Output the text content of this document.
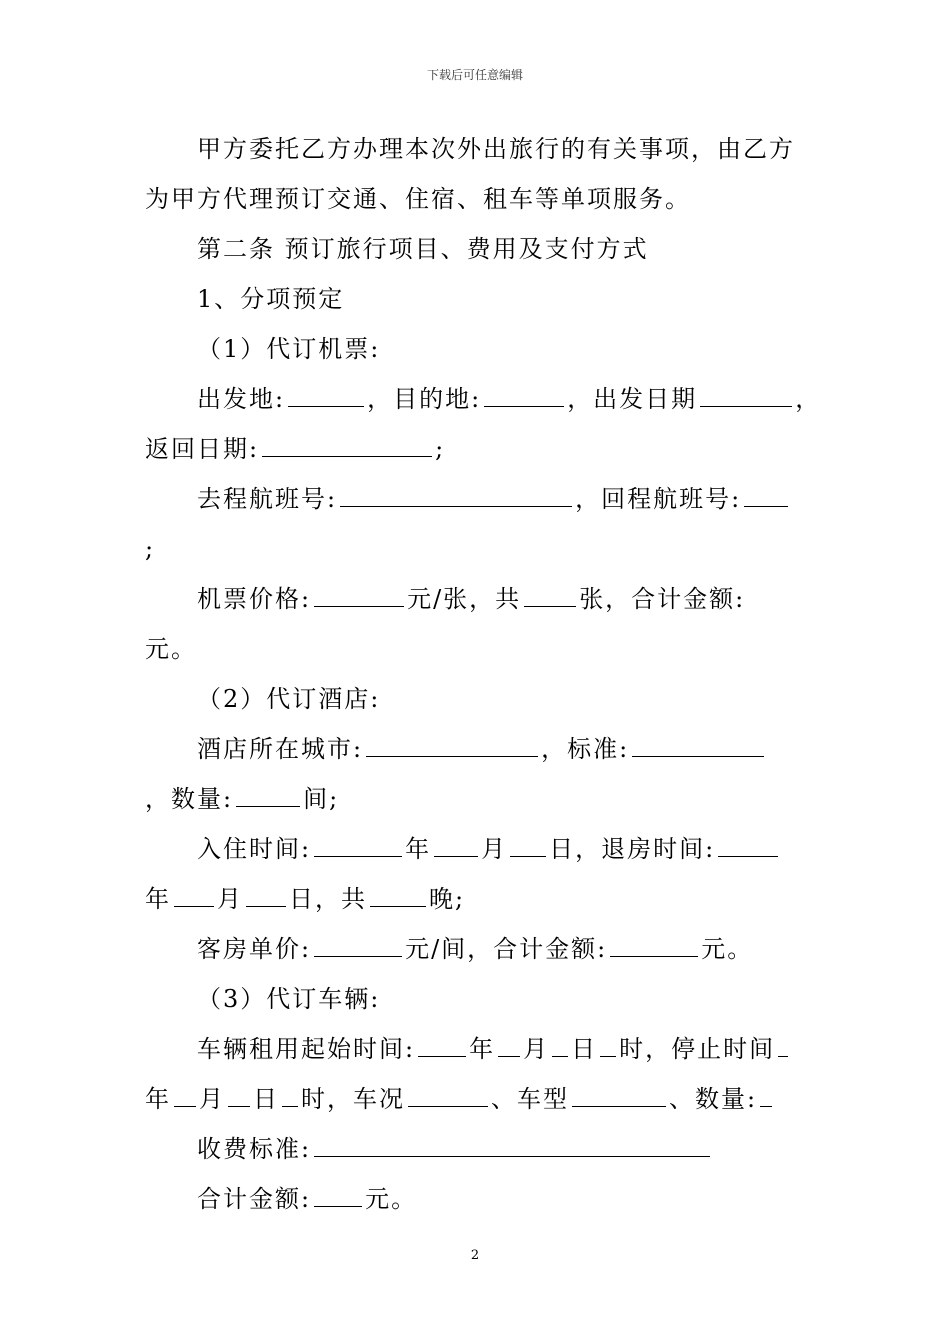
下载后可任意编辑
甲方委托乙方办理本次外出旅行的有关事项，由乙方
为甲方代理预订交通、住宿、租车等单项服务。
第二条 预订旅行项目、费用及支付方式
1、分项预定
（1）代订机票:
出发地:	，目的地:	，出发日期	，
返回日期:	;
去程航班号:	，回程航班号:
;
机票价格:	元/张，共 张，合计金额:
元。
（2）代订酒店:
酒店所在城市:	，标准:
，数量:	间;
入住时间:	年 月 日，退房时间:
年 月 日，共	晚;
客房单价:	元/间，合计金额:	元。
（3）代订车辆:
车辆租用起始时间: 年 月 日 时，停止时间
年 月 日 时，车况	、车型	、数量:
收费标准:
合计金额: 元。
2
